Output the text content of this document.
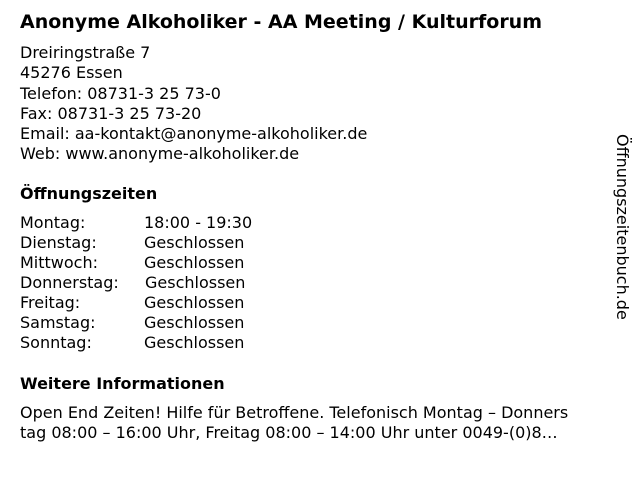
Anonyme Alkoholiker - AA Meeting / Kulturforum
Dreiringstraße 7
45276 Essen
Telefon: 08731-3 25 73-0
Fax: 08731-3 25 73-20
Email: aa-kontakt@anonyme-alkoholiker.de
Web: www.anonyme-alkoholiker.de
Öffnungszeiten
Montag:	18:00 - 19:30
Dienstag:	Geschlossen
Mittwoch:	Geschlossen
Donnerstag:	Geschlossen
Freitag:	Geschlossen
Samstag:	Geschlossen
Sonntag:	Geschlossen
Weitere Informationen
Open End Zeiten! Hilfe für Betroffene. Telefonisch Montag – Donners
tag 08:00 – 16:00 Uhr, Freitag 08:00 – 14:00 Uhr unter 0049-(0)8…
Öffnungszeitenbuch.de
